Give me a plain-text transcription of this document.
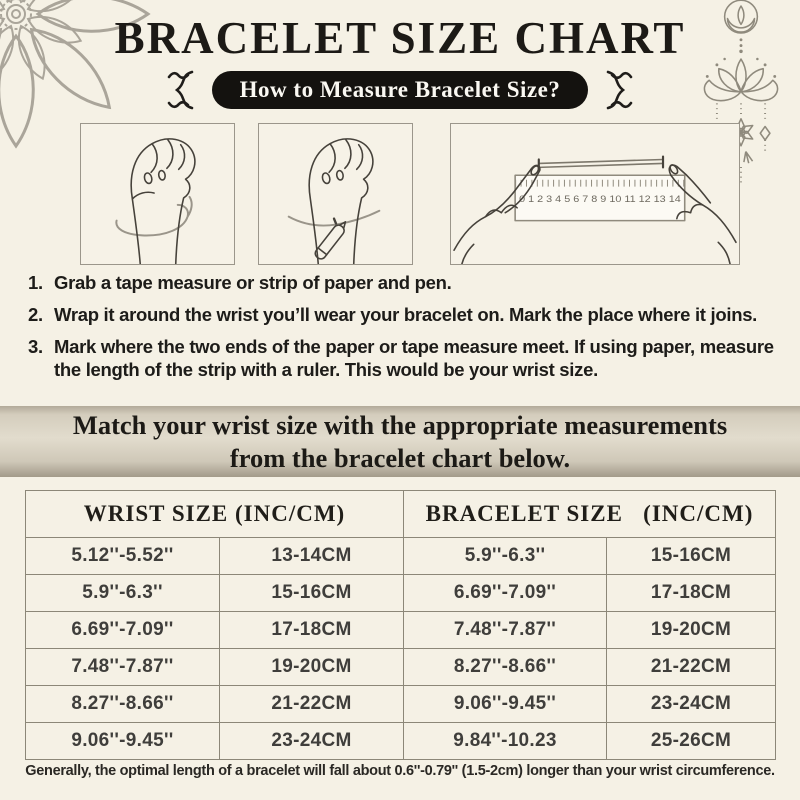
BRACELET SIZE CHART
How to Measure Bracelet Size?
0 1 2 3 4 5 6 7 8 9 10 11 12 13 14
1. Grab a tape measure or strip of paper and pen.
2. Wrap it around the wrist you’ll wear your bracelet on. Mark the place where it joins.
3. Mark where the two ends of the paper or tape measure meet. If using paper, measure the length of the strip with a ruler. This would be your wrist size.
Match your wrist size with the appropriate measurements
from the bracelet chart below.
WRIST SIZE (INC/CM)		BRACELET SIZE   (INC/CM)	
5.12''-5.52''	13-14CM	5.9''-6.3''	15-16CM
5.9''-6.3''	15-16CM	6.69''-7.09''	17-18CM
6.69''-7.09''	17-18CM	7.48''-7.87''	19-20CM
7.48''-7.87''	19-20CM	8.27''-8.66''	21-22CM
8.27''-8.66''	21-22CM	9.06''-9.45''	23-24CM
9.06''-9.45''	23-24CM	9.84''-10.23	25-26CM
Generally, the optimal length of a bracelet will fall about 0.6''-0.79'' (1.5-2cm) longer than your wrist circumference.
